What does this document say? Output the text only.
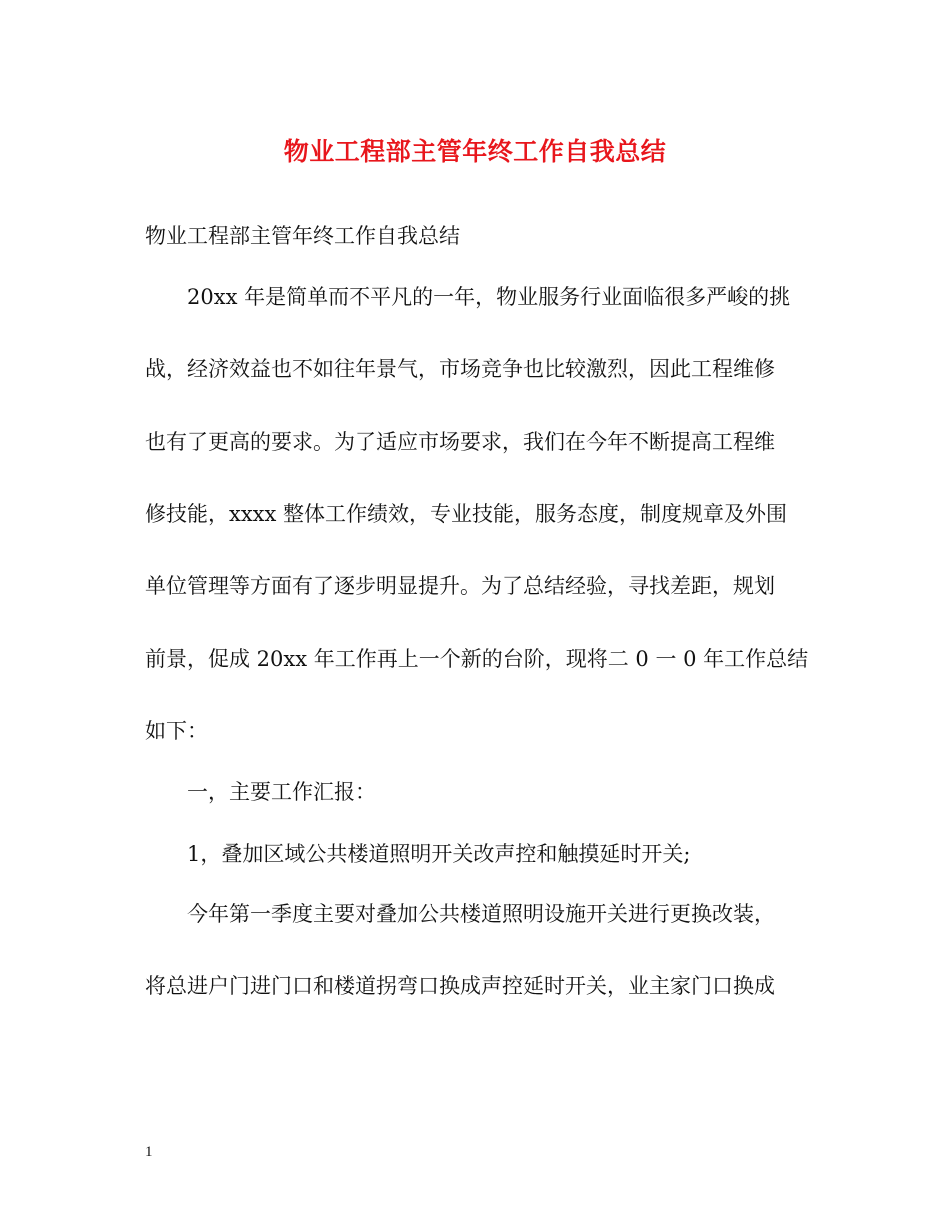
物业工程部主管年终工作自我总结
物业工程部主管年终工作自我总结
20xx 年是简单而不平凡的一年，物业服务行业面临很多严峻的挑
战，经济效益也不如往年景气，市场竞争也比较激烈，因此工程维修
也有了更高的要求。为了适应市场要求，我们在今年不断提高工程维
修技能，xxxx 整体工作绩效，专业技能，服务态度，制度规章及外围
单位管理等方面有了逐步明显提升。为了总结经验，寻找差距，规划
前景，促成 20xx 年工作再上一个新的台阶，现将二 0 一 0 年工作总结
如下：
一，主要工作汇报：
1，叠加区域公共楼道照明开关改声控和触摸延时开关;
今年第一季度主要对叠加公共楼道照明设施开关进行更换改装，
将总进户门进门口和楼道拐弯口换成声控延时开关，业主家门口换成
1
